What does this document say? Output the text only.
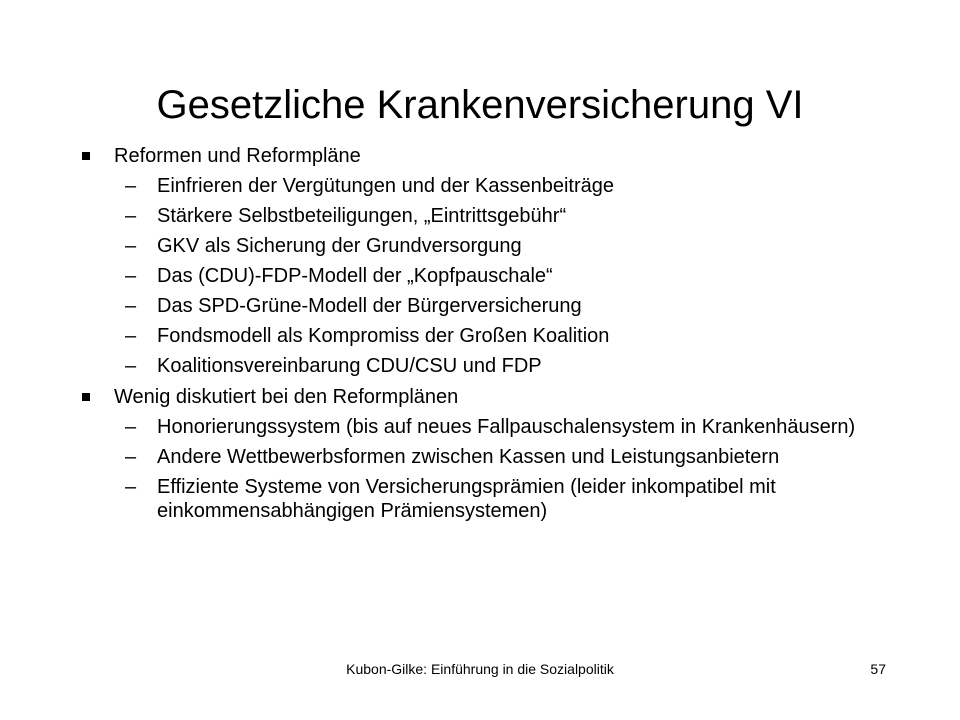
Gesetzliche Krankenversicherung VI
Reformen und Reformpläne
– Einfrieren der Vergütungen und der Kassenbeiträge
– Stärkere Selbstbeteiligungen, „Eintrittsgebühr“
– GKV als Sicherung der Grundversorgung
– Das (CDU)-FDP-Modell der „Kopfpauschale“
– Das SPD-Grüne-Modell der Bürgerversicherung
– Fondsmodell als Kompromiss der Großen Koalition
– Koalitionsvereinbarung CDU/CSU und FDP
Wenig diskutiert bei den Reformplänen
– Honorierungssystem (bis auf neues Fallpauschalensystem in Krankenhäusern)
– Andere Wettbewerbsformen zwischen Kassen und Leistungsanbietern
– Effiziente Systeme von Versicherungsprämien (leider inkompatibel mit einkommensabhängigen Prämiensystemen)
Kubon-Gilke: Einführung in die Sozialpolitik	57
